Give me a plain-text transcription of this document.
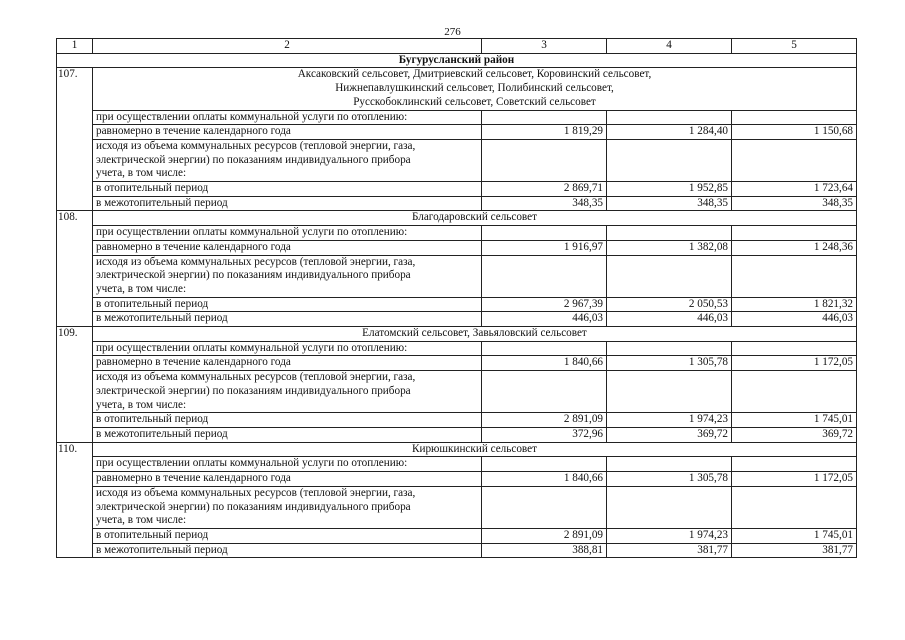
276
1	2	3	4	5
Бугурусланский район				
107.	Аксаковский сельсовет, Дмитриевский сельсовет, Коровинский сельсовет,
Нижнепавлушкинский сельсовет, Полибинский сельсовет,
Русскобоклинский сельсовет, Советский сельсовет			
	при осуществлении оплаты коммунальной услуги по отоплению:			
	равномерно в течение календарного года	1 819,29	1 284,40	1 150,68
	исходя из объема коммунальных ресурсов (тепловой энергии, газа,
электрической энергии) по показаниям индивидуального прибора
учета, в том числе:			
	в отопительный период	2 869,71	1 952,85	1 723,64
	в межотопительный период	348,35	348,35	348,35
108.	Благодаровский сельсовет			
	при осуществлении оплаты коммунальной услуги по отоплению:			
	равномерно в течение календарного года	1 916,97	1 382,08	1 248,36
	исходя из объема коммунальных ресурсов (тепловой энергии, газа,
электрической энергии) по показаниям индивидуального прибора
учета, в том числе:			
	в отопительный период	2 967,39	2 050,53	1 821,32
	в межотопительный период	446,03	446,03	446,03
109.	Елатомский сельсовет, Завьяловский сельсовет			
	при осуществлении оплаты коммунальной услуги по отоплению:			
	равномерно в течение календарного года	1 840,66	1 305,78	1 172,05
	исходя из объема коммунальных ресурсов (тепловой энергии, газа,
электрической энергии) по показаниям индивидуального прибора
учета, в том числе:			
	в отопительный период	2 891,09	1 974,23	1 745,01
	в межотопительный период	372,96	369,72	369,72
110.	Кирюшкинский сельсовет			
	при осуществлении оплаты коммунальной услуги по отоплению:			
	равномерно в течение календарного года	1 840,66	1 305,78	1 172,05
	исходя из объема коммунальных ресурсов (тепловой энергии, газа,
электрической энергии) по показаниям индивидуального прибора
учета, в том числе:			
	в отопительный период	2 891,09	1 974,23	1 745,01
	в межотопительный период	388,81	381,77	381,77
